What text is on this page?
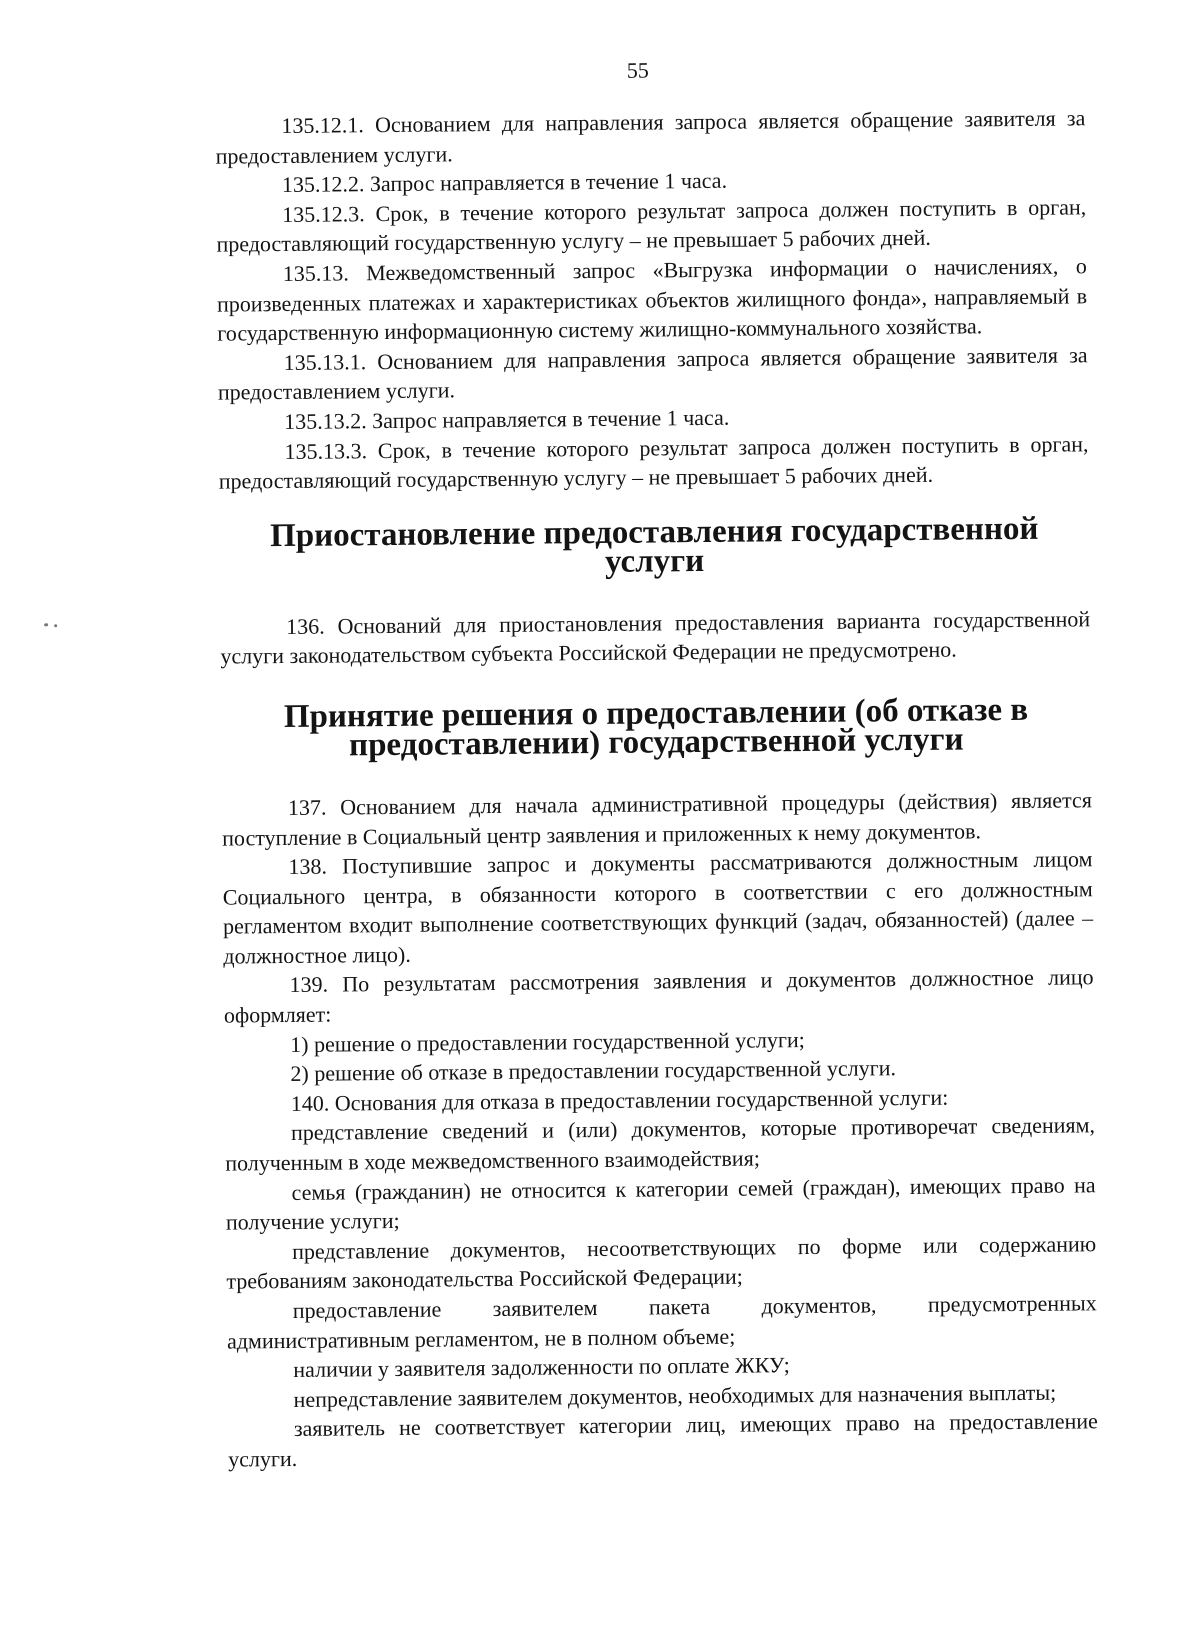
55

135.12.1. Основанием для направления запроса является обращение заявителя за предоставлением услуги.

135.12.2. Запрос направляется в течение 1 часа.

135.12.3. Срок, в течение которого результат запроса должен поступить в орган, предоставляющий государственную услугу – не превышает 5 рабочих дней.

135.13. Межведомственный запрос «Выгрузка информации о начислениях, о произведенных платежах и характеристиках объектов жилищного фонда», направляемый в государственную информационную систему жилищно-коммунального хозяйства.

135.13.1. Основанием для направления запроса является обращение заявителя за предоставлением услуги.

135.13.2. Запрос направляется в течение 1 часа.

135.13.3. Срок, в течение которого результат запроса должен поступить в орган, предоставляющий государственную услугу – не превышает 5 рабочих дней.

Приостановление предоставления государственной услуги

136. Оснований для приостановления предоставления варианта государственной услуги законодательством субъекта Российской Федерации не предусмотрено.

Принятие решения о предоставлении (об отказе в предоставлении) государственной услуги

137. Основанием для начала административной процедуры (действия) является поступление в Социальный центр заявления и приложенных к нему документов.

138. Поступившие запрос и документы рассматриваются должностным лицом Социального центра, в обязанности которого в соответствии с его должностным регламентом входит выполнение соответствующих функций (задач, обязанностей) (далее – должностное лицо).

139. По результатам рассмотрения заявления и документов должностное лицо оформляет:

1) решение о предоставлении государственной услуги;

2) решение об отказе в предоставлении государственной услуги.

140. Основания для отказа в предоставлении государственной услуги:

представление сведений и (или) документов, которые противоречат сведениям, полученным в ходе межведомственного взаимодействия;

семья (гражданин) не относится к категории семей (граждан), имеющих право на получение услуги;

представление документов, несоответствующих по форме или содержанию требованиям законодательства Российской Федерации;

предоставление заявителем пакета документов, предусмотренных административным регламентом, не в полном объеме;

наличии у заявителя задолженности по оплате ЖКУ;

непредставление заявителем документов, необходимых для назначения выплаты;

заявитель не соответствует категории лиц, имеющих право на предоставление услуги.
